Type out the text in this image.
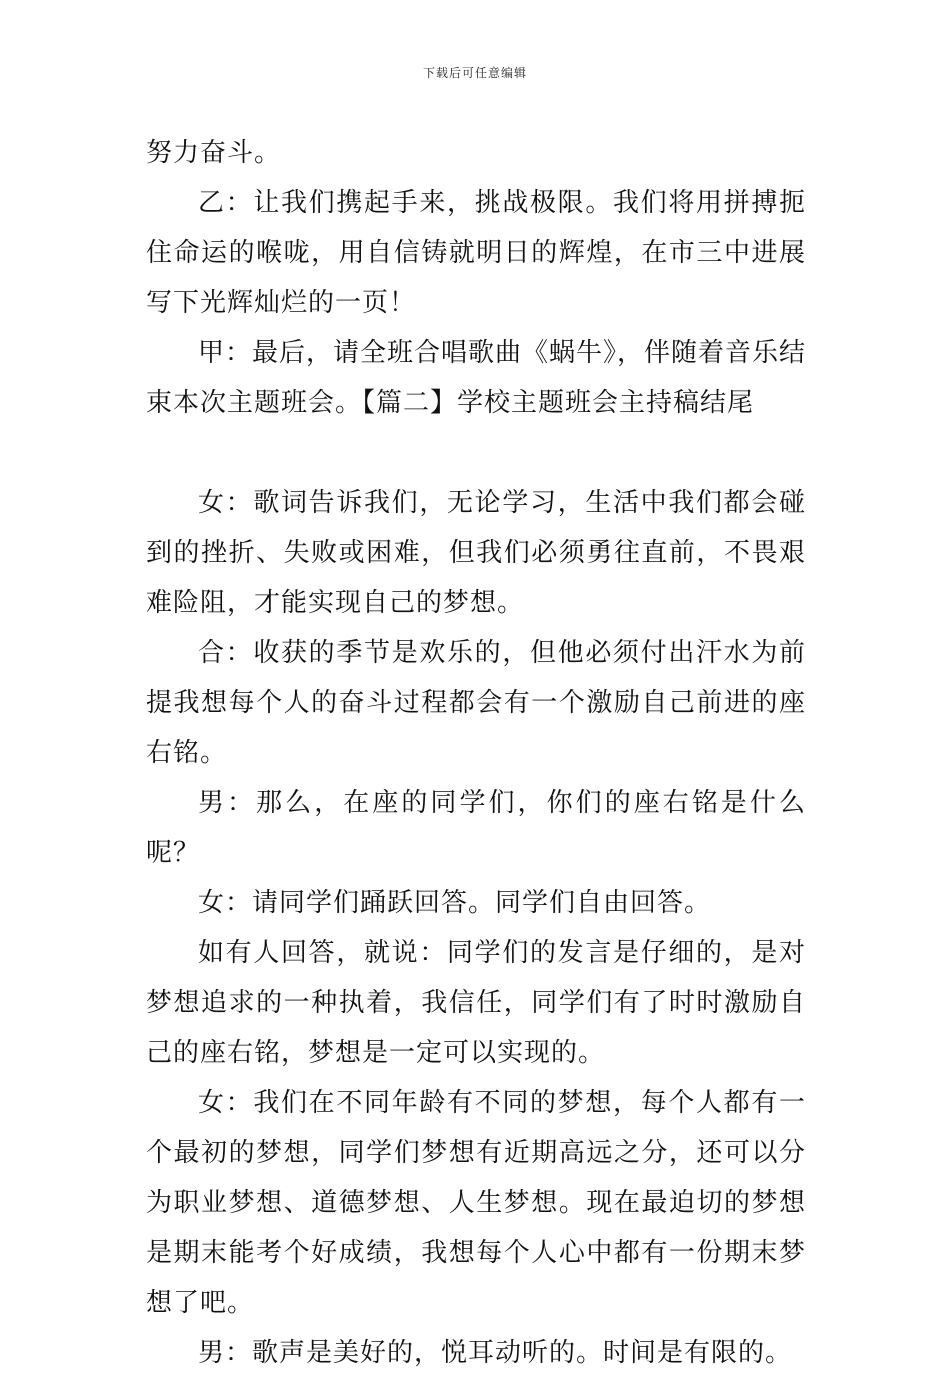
下载后可任意编辑

努力奋斗。

乙：让我们携起手来，挑战极限。我们将用拼搏扼住命运的喉咙，用自信铸就明日的辉煌，在市三中进展写下光辉灿烂的一页！

甲：最后，请全班合唱歌曲《蜗牛》，伴随着音乐结束本次主题班会。【篇二】学校主题班会主持稿结尾

女：歌词告诉我们，无论学习，生活中我们都会碰到的挫折、失败或困难，但我们必须勇往直前，不畏艰难险阻，才能实现自己的梦想。

合：收获的季节是欢乐的，但他必须付出汗水为前提我想每个人的奋斗过程都会有一个激励自己前进的座右铭。

男：那么，在座的同学们，你们的座右铭是什么呢？

女：请同学们踊跃回答。同学们自由回答。

如有人回答，就说：同学们的发言是仔细的，是对梦想追求的一种执着，我信任，同学们有了时时激励自己的座右铭，梦想是一定可以实现的。

女：我们在不同年龄有不同的梦想，每个人都有一个最初的梦想，同学们梦想有近期高远之分，还可以分为职业梦想、道德梦想、人生梦想。现在最迫切的梦想是期末能考个好成绩，我想每个人心中都有一份期末梦想了吧。

男：歌声是美好的，悦耳动听的。时间是有限的。
